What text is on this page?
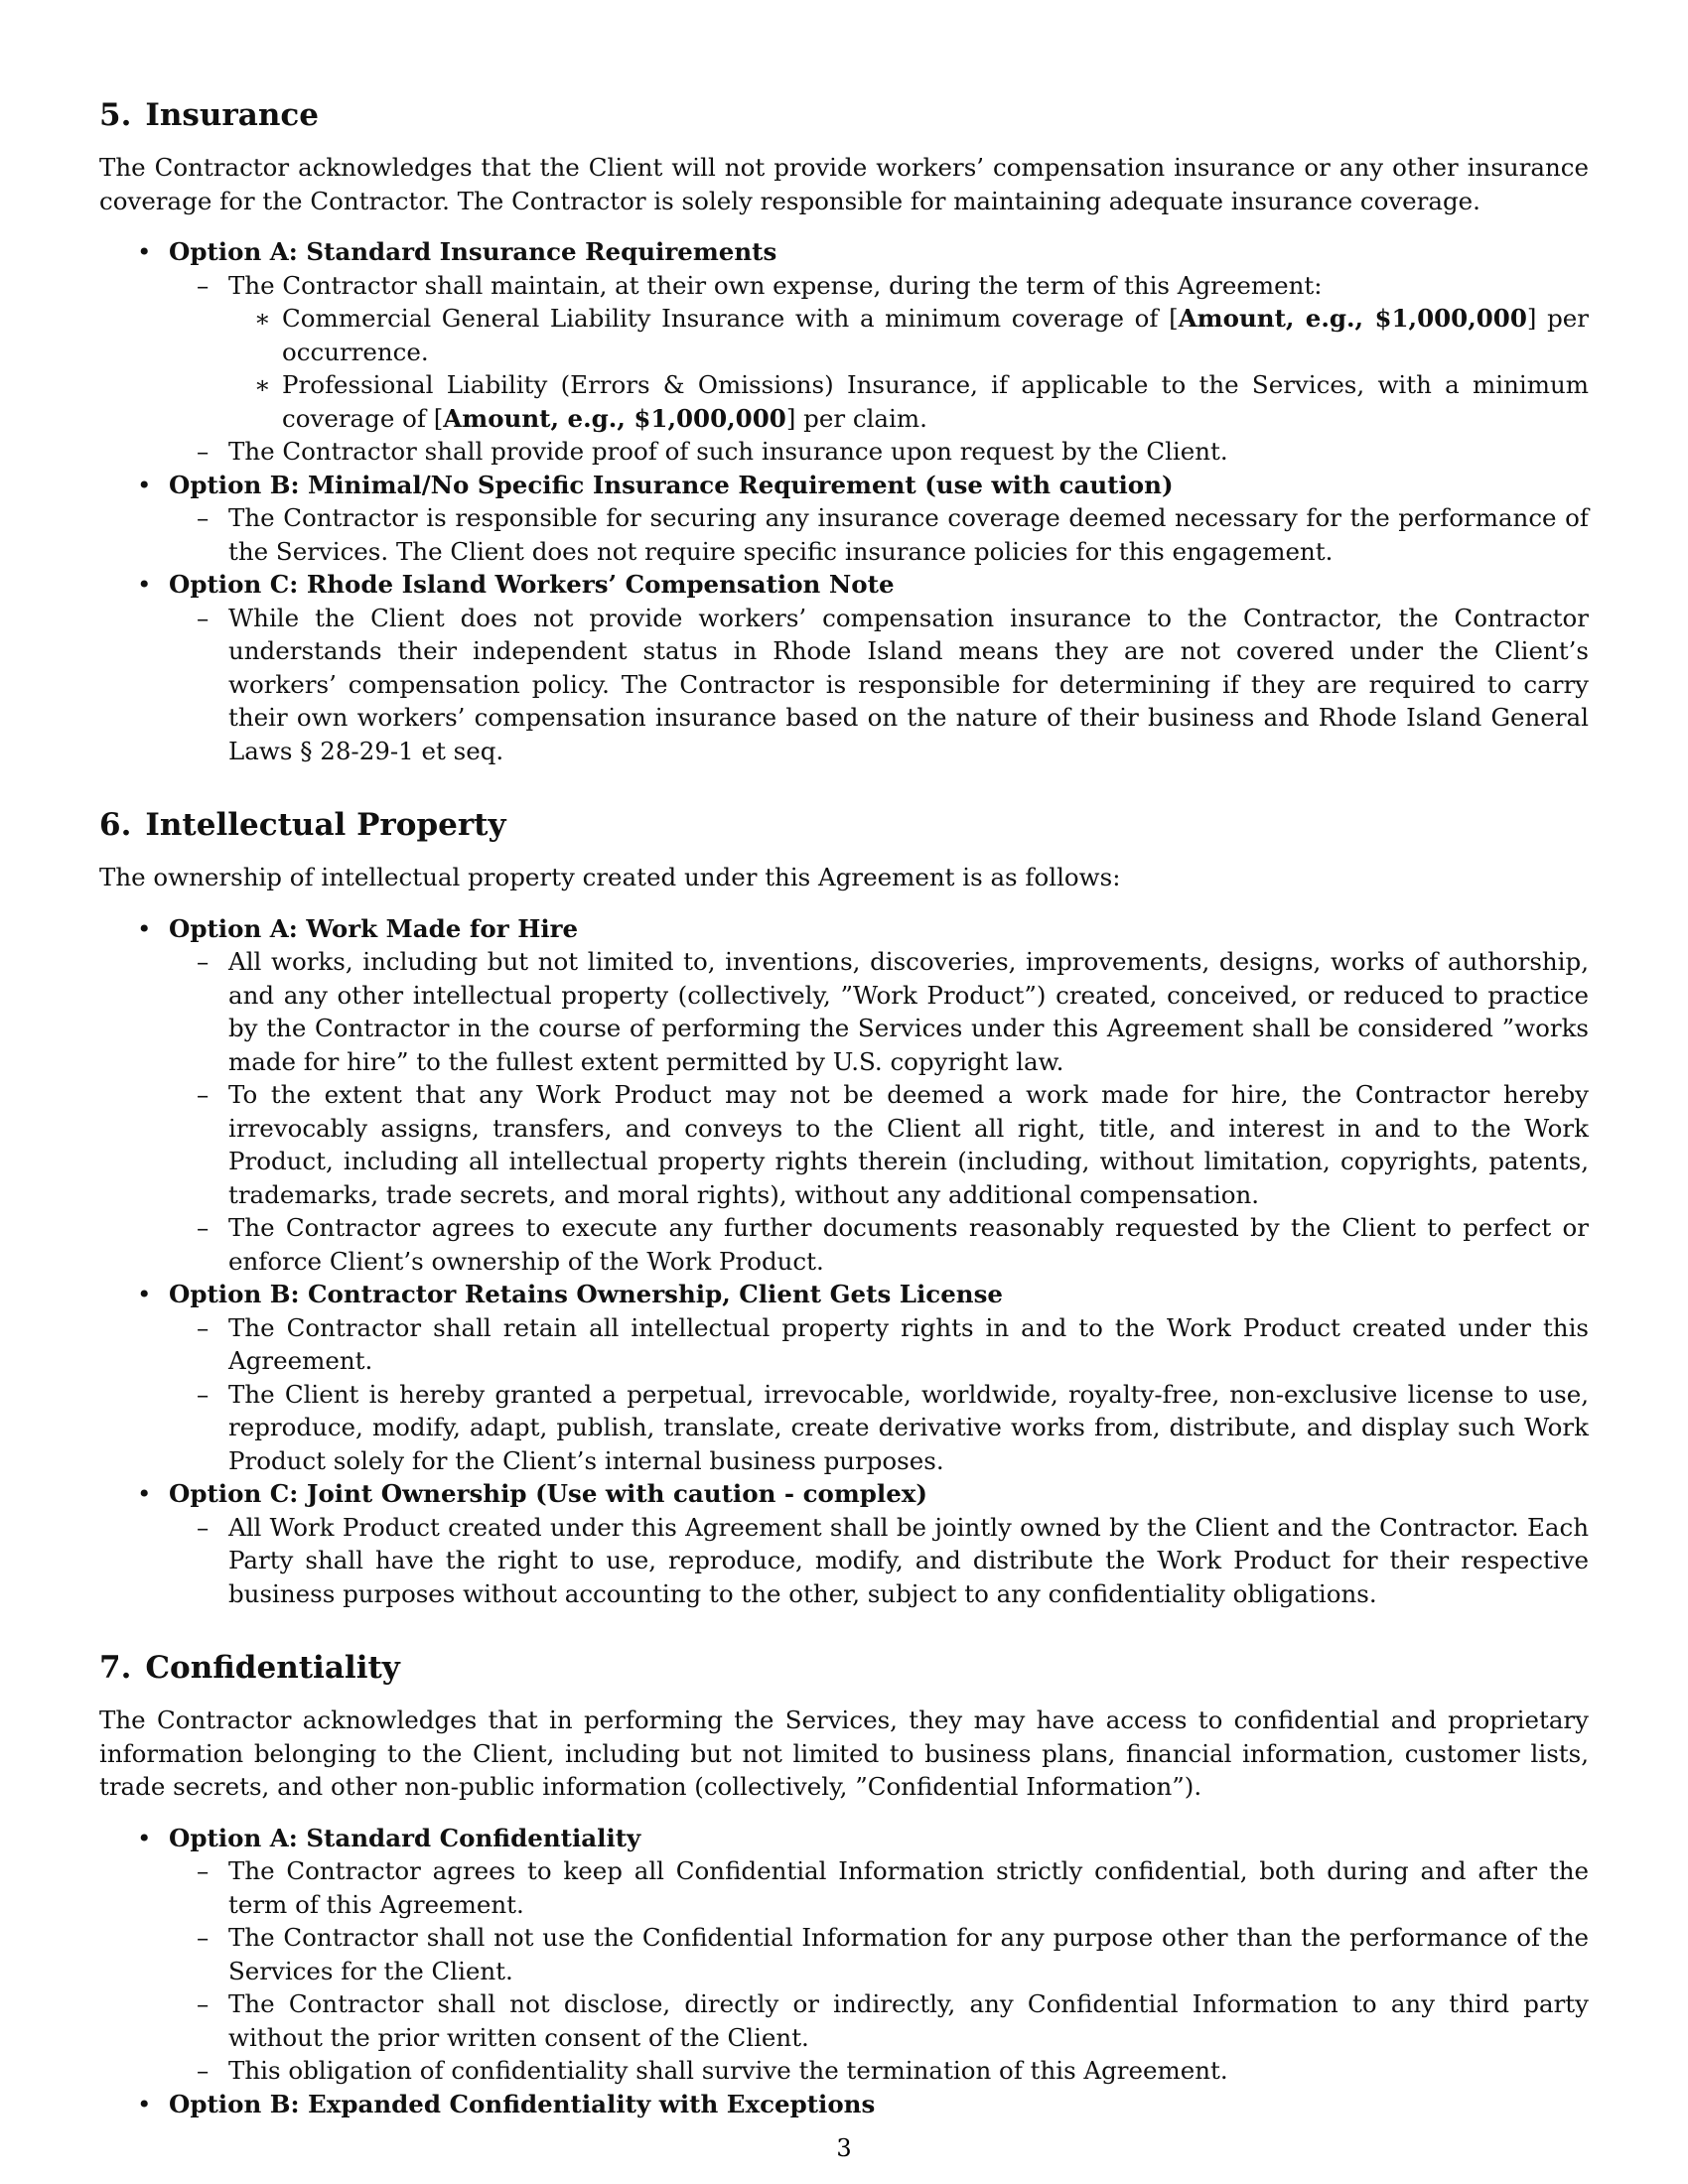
5. Insurance

The Contractor acknowledges that the Client will not provide workers’ compensation insurance or any other insurance coverage for the Contractor. The Contractor is solely responsible for maintaining adequate insurance coverage.

• Option A: Standard Insurance Requirements
– The Contractor shall maintain, at their own expense, during the term of this Agreement:
∗ Commercial General Liability Insurance with a minimum coverage of [Amount, e.g., $1,000,000] per occurrence.
∗ Professional Liability (Errors & Omissions) Insurance, if applicable to the Services, with a minimum coverage of [Amount, e.g., $1,000,000] per claim.
– The Contractor shall provide proof of such insurance upon request by the Client.
• Option B: Minimal/No Specific Insurance Requirement (use with caution)
– The Contractor is responsible for securing any insurance coverage deemed necessary for the performance of the Services. The Client does not require specific insurance policies for this engagement.
• Option C: Rhode Island Workers’ Compensation Note
– While the Client does not provide workers’ compensation insurance to the Contractor, the Contractor understands their independent status in Rhode Island means they are not covered under the Client’s workers’ compensation policy. The Contractor is responsible for determining if they are required to carry their own workers’ compensation insurance based on the nature of their business and Rhode Island General Laws § 28-29-1 et seq.
6. Intellectual Property

The ownership of intellectual property created under this Agreement is as follows:

• Option A: Work Made for Hire
– All works, including but not limited to, inventions, discoveries, improvements, designs, works of authorship, and any other intellectual property (collectively, ”Work Product”) created, conceived, or reduced to practice by the Contractor in the course of performing the Services under this Agreement shall be considered ”works made for hire” to the fullest extent permitted by U.S. copyright law.
– To the extent that any Work Product may not be deemed a work made for hire, the Contractor hereby irrevocably assigns, transfers, and conveys to the Client all right, title, and interest in and to the Work Product, including all intellectual property rights therein (including, without limitation, copyrights, patents, trademarks, trade secrets, and moral rights), without any additional compensation.
– The Contractor agrees to execute any further documents reasonably requested by the Client to perfect or enforce Client’s ownership of the Work Product.
• Option B: Contractor Retains Ownership, Client Gets License
– The Contractor shall retain all intellectual property rights in and to the Work Product created under this Agreement.
– The Client is hereby granted a perpetual, irrevocable, worldwide, royalty-free, non-exclusive license to use, reproduce, modify, adapt, publish, translate, create derivative works from, distribute, and display such Work Product solely for the Client’s internal business purposes.
• Option C: Joint Ownership (Use with caution - complex)
– All Work Product created under this Agreement shall be jointly owned by the Client and the Contractor. Each Party shall have the right to use, reproduce, modify, and distribute the Work Product for their respective business purposes without accounting to the other, subject to any confidentiality obligations.
7. Confidentiality

The Contractor acknowledges that in performing the Services, they may have access to confidential and proprietary information belonging to the Client, including but not limited to business plans, financial information, customer lists, trade secrets, and other non-public information (collectively, ”Confidential Information”).

• Option A: Standard Confidentiality
– The Contractor agrees to keep all Confidential Information strictly confidential, both during and after the term of this Agreement.
– The Contractor shall not use the Confidential Information for any purpose other than the performance of the Services for the Client.
– The Contractor shall not disclose, directly or indirectly, any Confidential Information to any third party without the prior written consent of the Client.
– This obligation of confidentiality shall survive the termination of this Agreement.
• Option B: Expanded Confidentiality with Exceptions
3
